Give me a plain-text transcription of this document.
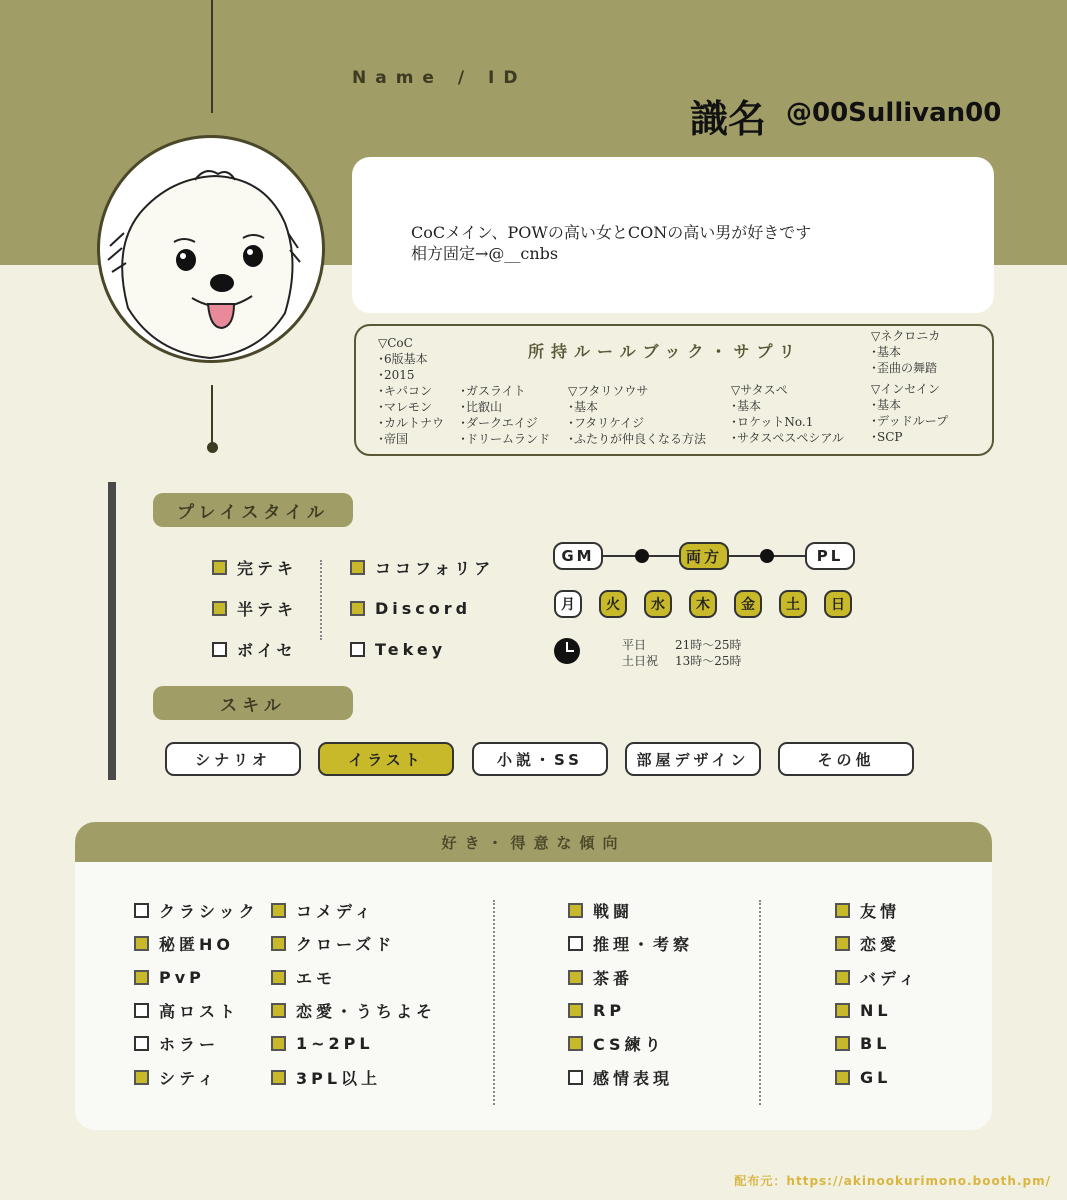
Name / ID
識名 @00Sullivan00
CoCメイン、POWの高い女とCONの高い男が好きです
相方固定→@__cnbs
所持ルールブック・サプリ
▽CoC
･6版基本
･2015
･キパコン
･マレモン
･カルトナウ
･帝国
･ガスライト
･比叡山
･ダークエイジ
･ドリームランド
▽フタリソウサ
･基本
･フタリケイジ
･ふたりが仲良くなる方法
▽サタスペ
･基本
･ロケットNo.1
･サタスペスペシアル
▽ネクロニカ
･基本
･歪曲の舞踏
▽インセイン
･基本
･デッドループ
･SCP
プレイスタイル
完テキ
半テキ
ボイセ
ココフォリア
Discord
Tekey
GM	両方	PL
月	火	水	木	金	土	日
平日 21時〜25時
土日祝 13時〜25時
スキル
シナリオ	イラスト	小説・SS	部屋デザイン	その他
好き・得意な傾向
クラシック
秘匿HO
PvP
高ロスト
ホラー
シティ
コメディ
クローズド
エモ
恋愛・うちよそ
1~2PL
3PL以上
戦闘
推理・考察
茶番
RP
CS練り
感情表現
友情
恋愛
バディ
NL
BL
GL
配布元：https://akinookurimono.booth.pm/
